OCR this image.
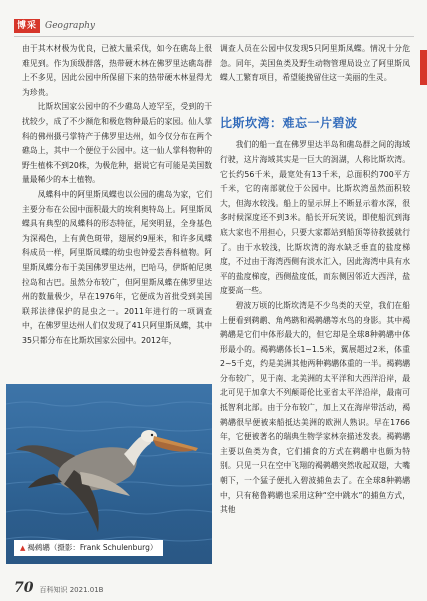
博采 Geography

由于其木材极为优良，已被大量采伐，如今在礁岛上很难见到。作为顶级群落，热带硬木林在佛罗里达礁岛群上不多见，因此公园中所保留下来的热带硬木林显得尤为珍贵。

比斯坎国家公园中的不少礁岛人迹罕至，受到的干扰较少，成了不少濒危和极危物种最后的家园。仙人掌科的佛州摄弓掌特产于佛罗里达州，如今仅分布在两个礁岛上，其中一个便位于公园中。这一仙人掌科物种的野生植株不到20株，为极危种，据说它有可能是美国数量最稀少的本土植物。

凤蝶科中的阿里斯凤蝶也以公园的礁岛为家，它们主要分布在公园中面积最大的埃利奥特岛上。阿里斯凤蝶具有典型的凤蝶科的形态特征，尾突明显，全身基色为深褐色，上有黄色斑带，翅展约9厘米，和许多凤蝶科成员一样，阿里斯凤蝶的幼虫也钟爱芸香科植物。阿里斯凤蝶分布于美国佛罗里达州，巴哈马，伊斯帕尼奥拉岛和古巴。虽然分布较广，但阿里斯凤蝶在佛罗里达州的数量极少，早在1976年，它便成为首批受到美国联邦法律保护的昆虫之一。2011年进行的一项调查中，在佛罗里达州人们仅发现了41只阿里斯凤蝶，其中35只都分布在比斯坎国家公园中。2012年，

▲ 褐鹈鹕（摄影：Frank Schulenburg）

调查人员在公园中仅发现5只阿里斯凤蝶。情况十分危急。同年，美国鱼类及野生动物管理局设立了阿里斯凤蝶人工繁育项目，希望能挽留住这一美丽的生灵。

比斯坎湾：难忘一片碧波

我们的船一直在佛罗里达半岛和礁岛群之间的海域行驶，这片海域其实是一巨大的潟湖，人称比斯坎湾。它长约56千米，最宽处有13千米，总面积约700平方千米，它的南部就位于公园中。比斯坎湾虽然面积较大，但海水较浅。船上的显示屏上不断显示着水深，很多时候深度还不到3米。船长开玩笑说，即使船沉到海底大家也不用担心，只要大家都站到船顶等待救援就行了。由于水较浅，比斯坎湾的海水缺乏垂直的盐度梯度，不过由于海湾西侧有淡水汇入，因此海湾中具有水平的盐度梯度，西侧盐度低，而东侧因邻近大西洋，盐度要高一些。

碧波万顷的比斯坎湾是不少鸟类的天堂，我们在船上便看到鹈鹕、角鸬鹚和褐鹈鹕等水鸟的身影。其中褐鹈鹕是它们中体形最大的，但它却是全球8种鹈鹕中体形最小的。褐鹈鹕体长1~1.5米，翼展超过2米，体重2~5千克，约是美洲其他两种鹈鹕体重的一半。褐鹈鹕分布较广，见于南、北美洲的太平洋和大西洋沿岸，最北可见于加拿大不列颠哥伦比亚省太平洋沿岸，最南可抵智利北部。由于分布较广，加上又在海岸带活动，褐鹈鹕很早便被来船抵达美洲的欧洲人熟识。早在1766年，它便被著名的瑞典生物学家林奈描述发表。褐鹈鹕主要以鱼类为食，它们捕食的方式在鹈鹕中也颇为特别。只见一只在空中飞翔的褐鹈鹕突然收起双翅，大嘴朝下，一个猛子便扎入碧波捕鱼去了。在全球8种鹈鹕中，只有秘鲁鹈鹕也采用这种“空中跳水”的捕鱼方式，其他

70 百科知识 2021.01B
